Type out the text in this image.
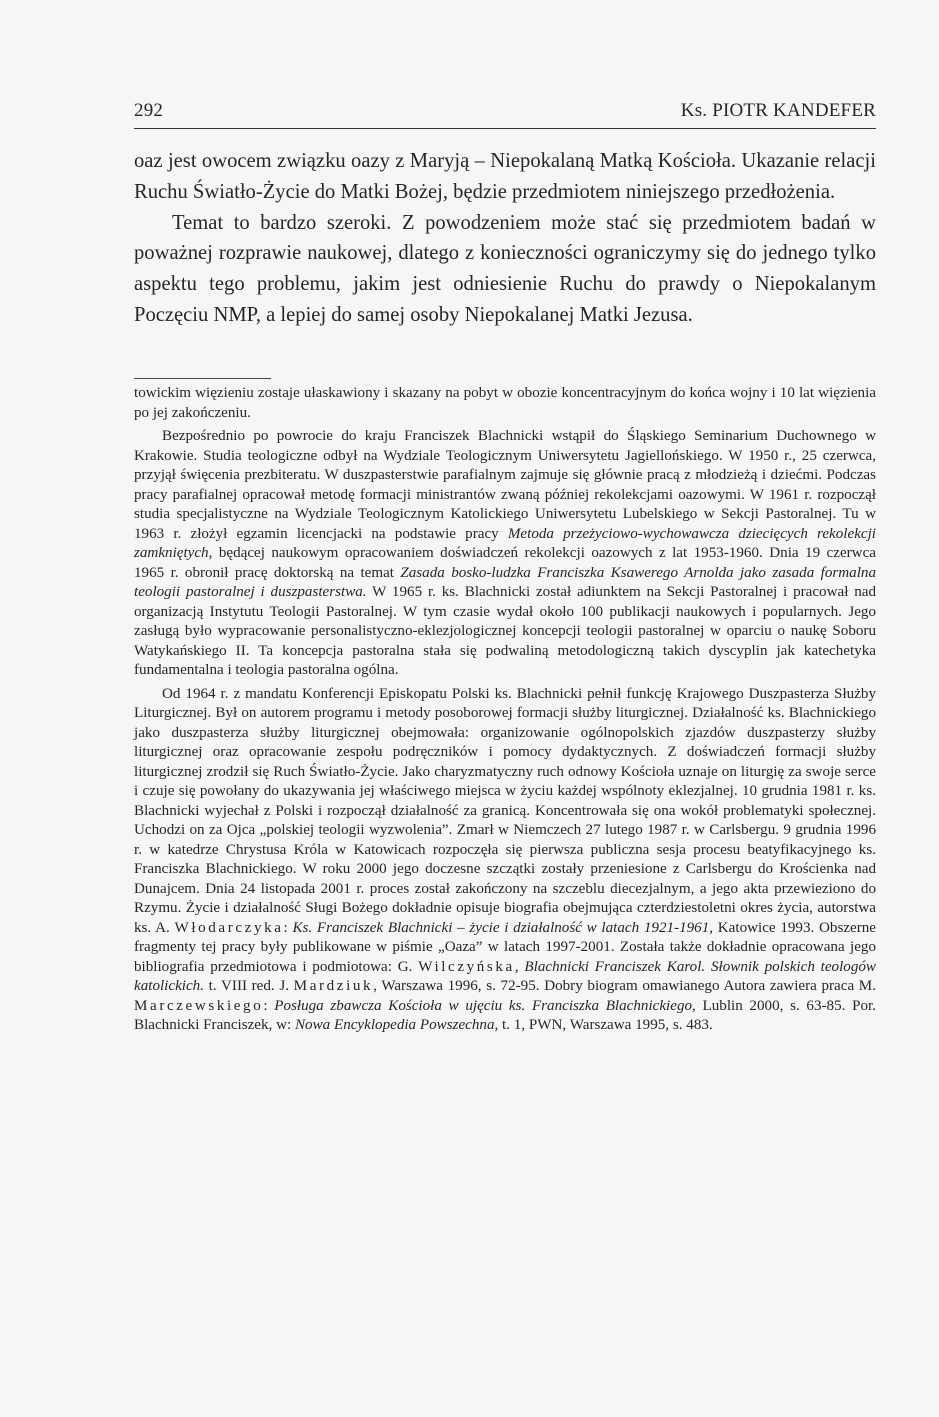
292	Ks. PIOTR KANDEFER

oaz jest owocem związku oazy z Maryją – Niepokalaną Matką Kościoła. Ukazanie relacji Ruchu Światło-Życie do Matki Bożej, będzie przedmiotem niniejszego przedłożenia.

Temat to bardzo szeroki. Z powodzeniem może stać się przedmiotem badań w poważnej rozprawie naukowej, dlatego z konieczności ograniczymy się do jednego tylko aspektu tego problemu, jakim jest odniesienie Ruchu do prawdy o Niepokalanym Poczęciu NMP, a lepiej do samej osoby Niepokalanej Matki Jezusa.

towickim więzieniu zostaje ułaskawiony i skazany na pobyt w obozie koncentracyjnym do końca wojny i 10 lat więzienia po jej zakończeniu.

Bezpośrednio po powrocie do kraju Franciszek Blachnicki wstąpił do Śląskiego Seminarium Duchownego w Krakowie. Studia teologiczne odbył na Wydziale Teologicznym Uniwersytetu Jagiellońskiego. W 1950 r., 25 czerwca, przyjął święcenia prezbiteratu. W duszpasterstwie parafialnym zajmuje się głównie pracą z młodzieżą i dziećmi. Podczas pracy parafialnej opracował metodę formacji ministrantów zwaną później rekolekcjami oazowymi. W 1961 r. rozpoczął studia specjalistyczne na Wydziale Teologicznym Katolickiego Uniwersytetu Lubelskiego w Sekcji Pastoralnej. Tu w 1963 r. złożył egzamin licencjacki na podstawie pracy Metoda przeżyciowo-wychowawcza dziecięcych rekolekcji zamkniętych, będącej naukowym opracowaniem doświadczeń rekolekcji oazowych z lat 1953-1960. Dnia 19 czerwca 1965 r. obronił pracę doktorską na temat Zasada bosko-ludzka Franciszka Ksawerego Arnolda jako zasada formalna teologii pastoralnej i duszpasterstwa. W 1965 r. ks. Blachnicki został adiunktem na Sekcji Pastoralnej i pracował nad organizacją Instytutu Teologii Pastoralnej. W tym czasie wydał około 100 publikacji naukowych i popularnych. Jego zasługą było wypracowanie personalistyczno-eklezjologicznej koncepcji teologii pastoralnej w oparciu o naukę Soboru Watykańskiego II. Ta koncepcja pastoralna stała się podwaliną metodologiczną takich dyscyplin jak katechetyka fundamentalna i teologia pastoralna ogólna.

Od 1964 r. z mandatu Konferencji Episkopatu Polski ks. Blachnicki pełnił funkcję Krajowego Duszpasterza Służby Liturgicznej. Był on autorem programu i metody posoborowej formacji służby liturgicznej. Działalność ks. Blachnickiego jako duszpasterza służby liturgicznej obejmowała: organizowanie ogólnopolskich zjazdów duszpasterzy służby liturgicznej oraz opracowanie zespołu podręczników i pomocy dydaktycznych. Z doświadczeń formacji służby liturgicznej zrodził się Ruch Światło-Życie. Jako charyzmatyczny ruch odnowy Kościoła uznaje on liturgię za swoje serce i czuje się powołany do ukazywania jej właściwego miejsca w życiu każdej wspólnoty eklezjalnej. 10 grudnia 1981 r. ks. Blachnicki wyjechał z Polski i rozpoczął działalność za granicą. Koncentrowała się ona wokół problematyki społecznej. Uchodzi on za Ojca „polskiej teologii wyzwolenia”. Zmarł w Niemczech 27 lutego 1987 r. w Carlsbergu. 9 grudnia 1996 r. w katedrze Chrystusa Króla w Katowicach rozpoczęła się pierwsza publiczna sesja procesu beatyfikacyjnego ks. Franciszka Blachnickiego. W roku 2000 jego doczesne szczątki zostały przeniesione z Carlsbergu do Krościenka nad Dunajcem. Dnia 24 listopada 2001 r. proces został zakończony na szczeblu diecezjalnym, a jego akta przewieziono do Rzymu. Życie i działalność Sługi Bożego dokładnie opisuje biografia obejmująca czterdziestoletni okres życia, autorstwa ks. A. Włodarczyka: Ks. Franciszek Blachnicki – życie i działalność w latach 1921-1961, Katowice 1993. Obszerne fragmenty tej pracy były publikowane w piśmie „Oaza” w latach 1997-2001. Została także dokładnie opracowana jego bibliografia przedmiotowa i podmiotowa: G. Wilczyńska, Blachnicki Franciszek Karol. Słownik polskich teologów katolickich. t. VIII red. J. Mardziuk, Warszawa 1996, s. 72-95. Dobry biogram omawianego Autora zawiera praca M. Marczewskiego: Posługa zbawcza Kościoła w ujęciu ks. Franciszka Blachnickiego, Lublin 2000, s. 63-85. Por. Blachnicki Franciszek, w: Nowa Encyklopedia Powszechna, t. 1, PWN, Warszawa 1995, s. 483.
